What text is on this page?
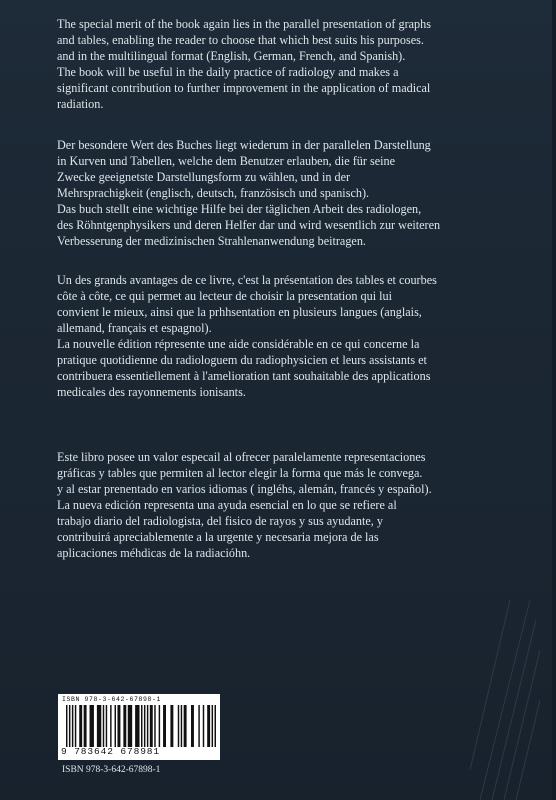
The special merit of the book again lies in the parallel presentation of graphs
and tables, enabling the reader to choose that which best suits his purposes.
and in the multilingual format (English, German, French, and Spanish).
The book will be useful in the daily practice of radiology and makes a
significant contribution to further improvement in the application of madical
radiation.

Der besondere Wert des Buches liegt wiederum in der parallelen Darstellung
in Kurven und Tabellen, welche dem Benutzer erlauben, die für seine
Zwecke geeignetste Darstellungsform zu wählen, und in der
Mehrsprachigkeit (englisch, deutsch, französisch und spanisch).
Das buch stellt eine wichtige Hilfe bei der täglichen Arbeit des radiologen,
des Röhntgenphysikers und deren Helfer dar und wird wesentlich zur weiteren
Verbesserung der medizinischen Strahlenanwendung beitragen.

Un des grands avantages de ce livre, c'est la présentation des tables et courbes
côte à côte, ce qui permet au lecteur de choisir la presentation qui lui
convient le mieux, ainsi que la prhhsentation en plusieurs langues (anglais,
allemand, français et espagnol).
La nouvelle édition répresente une aide considérable en ce qui concerne la
pratique quotidienne du radiologuem du radiophysicien et leurs assistants et
contribuera essentiellement à l'amelioration tant souhaitable des applications
medicales des rayonnements ionisants.

Este libro posee un valor especail al ofrecer paralelamente representaciones
gráficas y tables que permiten al lector elegir la forma que más le convega.
y al estar prenentado en varios idiomas ( ingléhs, alemán, francés y español).
La nueva edición representa una ayuda esencial en lo que se refiere al
trabajo diario del radiologista, del fisico de rayos y sus ayudante, y
contribuirá apreciablemente a la urgente y necesaria mejora de las
aplicaciones méhdicas de la radiacióhn.

ISBN 978-3-642-67898-1
9 783642 678981
ISBN 978-3-642-67898-1
